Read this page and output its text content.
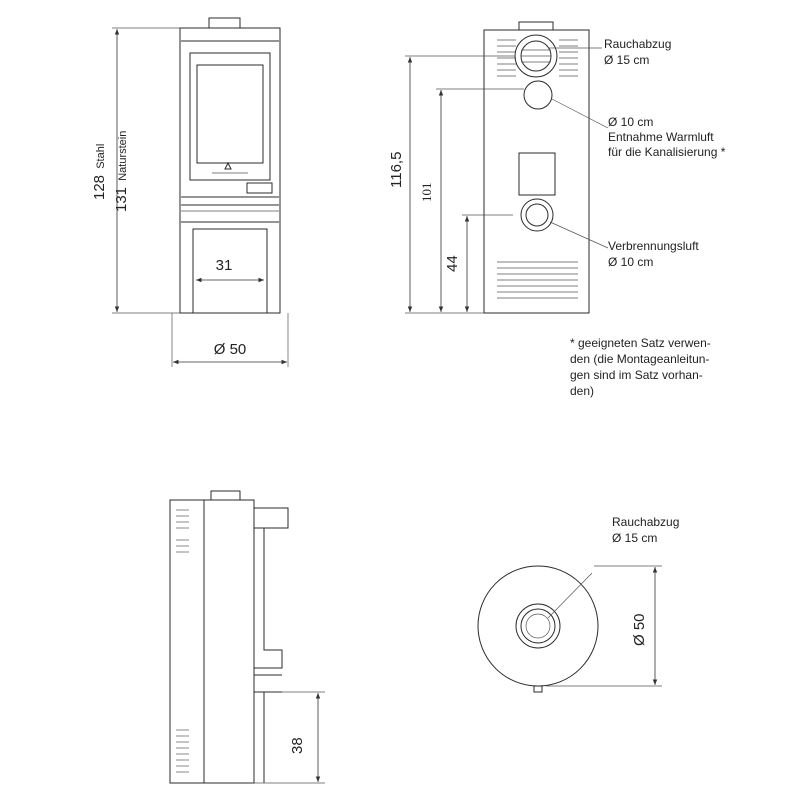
31
128 Stahl
131 Naturstein
Ø 50
116,5
101
44
Rauchabzug
Ø 15 cm
Ø 10 cm
Entnahme Warmluft
für die Kanalisierung *
Verbrennungsluft
Ø 10 cm
* geeigneten Satz verwen-
den (die Montageanleitun-
gen sind im Satz vorhan-
den)
38
Ø 50
Rauchabzug
Ø 15 cm
